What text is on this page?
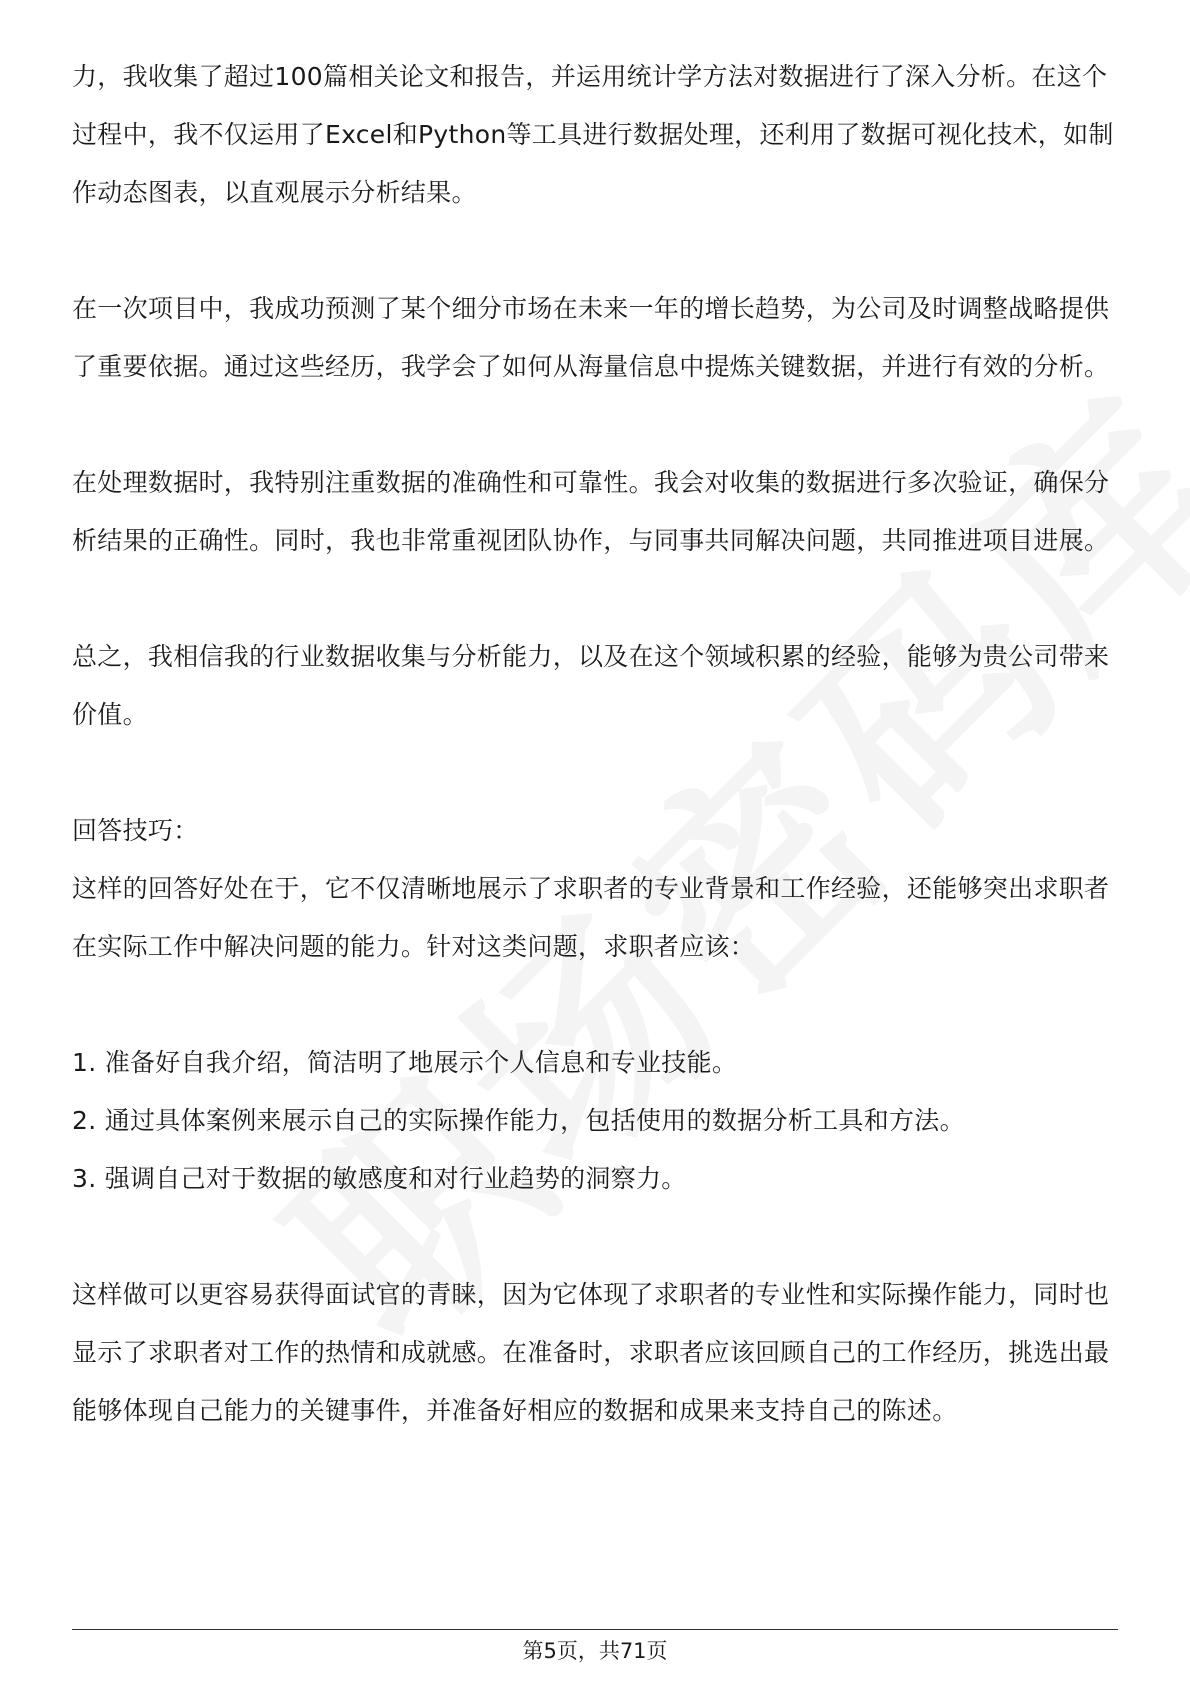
力，我收集了超过100篇相关论文和报告，并运用统计学方法对数据进行了深入分析。在这个过程中，我不仅运用了Excel和Python等工具进行数据处理，还利用了数据可视化技术，如制作动态图表，以直观展示分析结果。

在一次项目中，我成功预测了某个细分市场在未来一年的增长趋势，为公司及时调整战略提供了重要依据。通过这些经历，我学会了如何从海量信息中提炼关键数据，并进行有效的分析。

在处理数据时，我特别注重数据的准确性和可靠性。我会对收集的数据进行多次验证，确保分析结果的正确性。同时，我也非常重视团队协作，与同事共同解决问题，共同推进项目进展。

总之，我相信我的行业数据收集与分析能力，以及在这个领域积累的经验，能够为贵公司带来价值。

回答技巧：

这样的回答好处在于，它不仅清晰地展示了求职者的专业背景和工作经验，还能够突出求职者在实际工作中解决问题的能力。针对这类问题，求职者应该：

1. 准备好自我介绍，简洁明了地展示个人信息和专业技能。
2. 通过具体案例来展示自己的实际操作能力，包括使用的数据分析工具和方法。
3. 强调自己对于数据的敏感度和对行业趋势的洞察力。

这样做可以更容易获得面试官的青睐，因为它体现了求职者的专业性和实际操作能力，同时也显示了求职者对工作的热情和成就感。在准备时，求职者应该回顾自己的工作经历，挑选出最能够体现自己能力的关键事件，并准备好相应的数据和成果来支持自己的陈述。

第5页，共71页
